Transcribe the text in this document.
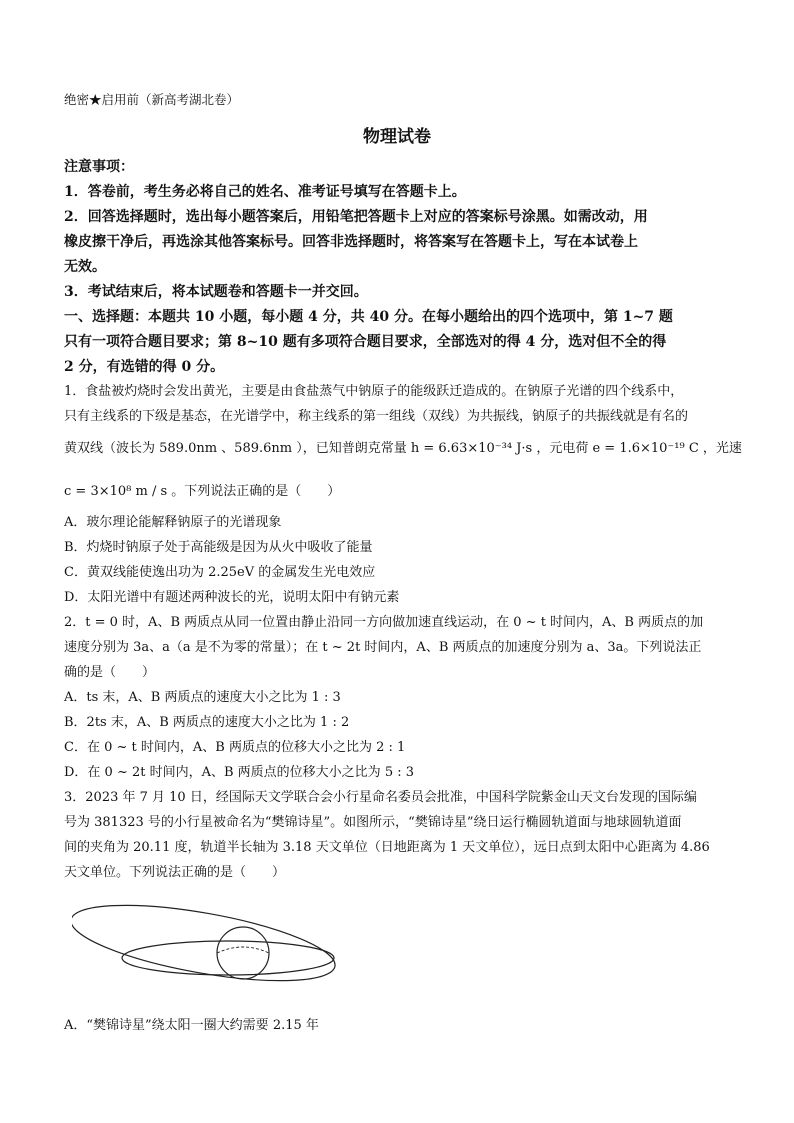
绝密★启用前（新高考湖北卷）
物理试卷
注意事项：
1．答卷前，考生务必将自己的姓名、准考证号填写在答题卡上。
2．回答选择题时，选出每小题答案后，用铅笔把答题卡上对应的答案标号涂黑。如需改动，用
橡皮擦干净后，再选涂其他答案标号。回答非选择题时，将答案写在答题卡上，写在本试卷上
无效。
3．考试结束后，将本试题卷和答题卡一并交回。
一、选择题：本题共 10 小题，每小题 4 分，共 40 分。在每小题给出的四个选项中，第 1~7 题
只有一项符合题目要求；第 8~10 题有多项符合题目要求，全部选对的得 4 分，选对但不全的得
2 分，有选错的得 0 分。
1．食盐被灼烧时会发出黄光，主要是由食盐蒸气中钠原子的能级跃迁造成的。在钠原子光谱的四个线系中，
只有主线系的下级是基态，在光谱学中，称主线系的第一组线（双线）为共振线，钠原子的共振线就是有名的
黄双线（波长为 589.0nm 、589.6nm ），已知普朗克常量 h = 6.63×10⁻³⁴ J·s ，元电荷 e = 1.6×10⁻¹⁹ C ，光速
c = 3×10⁸ m / s 。下列说法正确的是（　　）
A．玻尔理论能解释钠原子的光谱现象
B．灼烧时钠原子处于高能级是因为从火中吸收了能量
C．黄双线能使逸出功为 2.25eV 的金属发生光电效应
D．太阳光谱中有题述两种波长的光，说明太阳中有钠元素
2．t = 0 时，A、B 两质点从同一位置由静止沿同一方向做加速直线运动，在 0 ~ t 时间内，A、B 两质点的加
速度分别为 3a、a（a 是不为零的常量）；在 t ~ 2t 时间内，A、B 两质点的加速度分别为 a、3a。下列说法正
确的是（　　）
A．ts 末，A、B 两质点的速度大小之比为 1 : 3
B．2ts 末，A、B 两质点的速度大小之比为 1 : 2
C．在 0 ~ t 时间内，A、B 两质点的位移大小之比为 2 : 1
D．在 0 ~ 2t 时间内，A、B 两质点的位移大小之比为 5 : 3
3．2023 年 7 月 10 日，经国际天文学联合会小行星命名委员会批准，中国科学院紫金山天文台发现的国际编
号为 381323 号的小行星被命名为“樊锦诗星”。如图所示，“樊锦诗星”绕日运行椭圆轨道面与地球圆轨道面
间的夹角为 20.11 度，轨道半长轴为 3.18 天文单位（日地距离为 1 天文单位），远日点到太阳中心距离为 4.86
天文单位。下列说法正确的是（　　）
A．“樊锦诗星”绕太阳一圈大约需要 2.15 年
